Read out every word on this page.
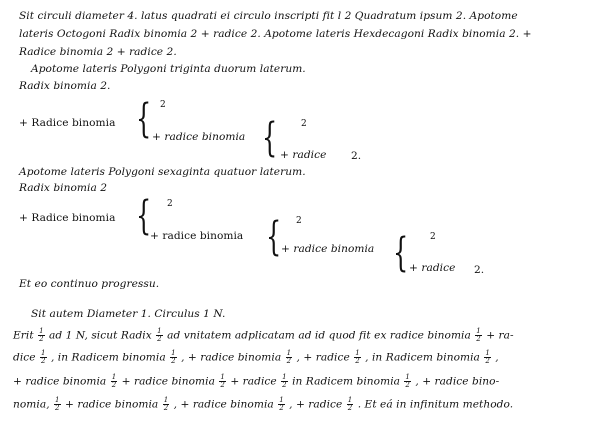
Sit circuli diameter 4. latus quadrati ei circulo inscripti fit l 2 Quadratum ipsum 2. Apotome
lateris Octogoni Radix binomia 2 + radice 2. Apotome lateris Hexdecagoni Radix binomia 2. +
Radice binomia 2 + radice 2.
Apotome lateris Polygoni triginta duorum laterum.
Radix binomia 2.
+ Radice binomia { 2
+ radice binomia {	2
+ radice 2.
Apotome lateris Polygoni sexaginta quatuor laterum.
Radix binomia 2
+ Radice binomia { 2
+ radice binomia { 2
+ radice binomia { 2
+ radice 2.
Et eo continuo progressu.
Sit autem Diameter 1. Circulus 1 N.
Erit $\frac{1}{2}$ ad 1 N, sicut Radix $\frac{1}{2}$ ad vnitatem adplicatam ad id quod fit ex radice binomia $\frac{1}{2} + ra-$
dice $\frac{1}{2}$ , in Radicem binomia $\frac{1}{2}$ , + radice binomia $\frac{1}{2}$ , + radice $\frac{1}{2}$ , in Radicem binomia $\frac{1}{2}$ ,
+ radice binomia $\frac{1}{2}$ + radice binomia $\frac{1}{2}$ + radice $\frac{1}{2}$ in Radicem binomia $\frac{1}{2}$ , + radice bino-
nomia, $\frac{1}{2}$ + radice binomia $\frac{1}{2}$ , + radice binomia $\frac{1}{2}$ , + radice $\frac{1}{2}$ . Et eá in infinitum methodo.
